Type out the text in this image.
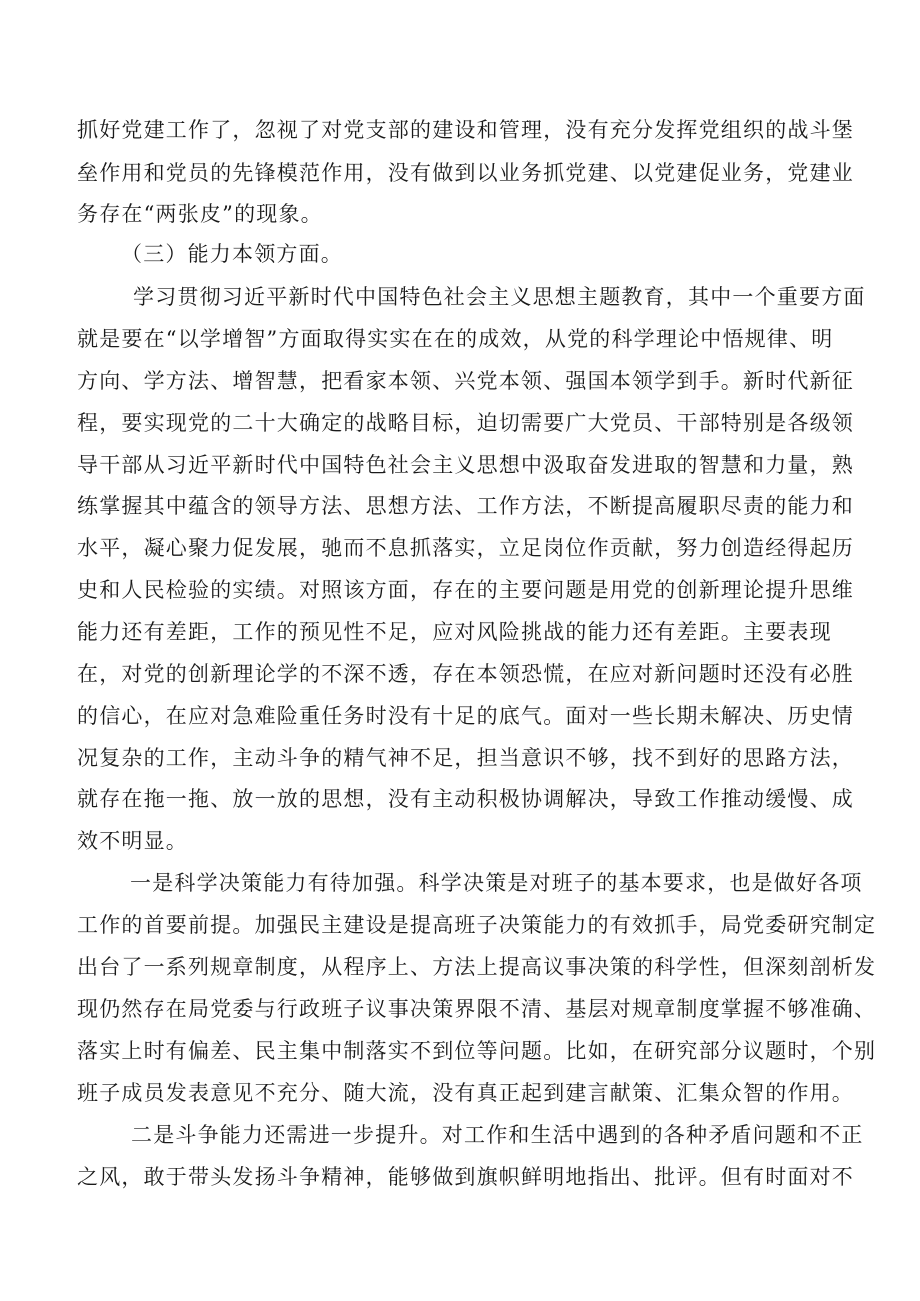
抓好党建工作了，忽视了对党支部的建设和管理，没有充分发挥党组织的战斗堡
垒作用和党员的先锋模范作用，没有做到以业务抓党建、以党建促业务，党建业
务存在“两张皮”的现象。
（三）能力本领方面。
学习贯彻习近平新时代中国特色社会主义思想主题教育，其中一个重要方面
就是要在“以学增智”方面取得实实在在的成效，从党的科学理论中悟规律、明
方向、学方法、增智慧，把看家本领、兴党本领、强国本领学到手。新时代新征
程，要实现党的二十大确定的战略目标，迫切需要广大党员、干部特别是各级领
导干部从习近平新时代中国特色社会主义思想中汲取奋发进取的智慧和力量，熟
练掌握其中蕴含的领导方法、思想方法、工作方法，不断提高履职尽责的能力和
水平，凝心聚力促发展，驰而不息抓落实，立足岗位作贡献，努力创造经得起历
史和人民检验的实绩。对照该方面，存在的主要问题是用党的创新理论提升思维
能力还有差距，工作的预见性不足，应对风险挑战的能力还有差距。主要表现
在，对党的创新理论学的不深不透，存在本领恐慌，在应对新问题时还没有必胜
的信心，在应对急难险重任务时没有十足的底气。面对一些长期未解决、历史情
况复杂的工作，主动斗争的精气神不足，担当意识不够，找不到好的思路方法，
就存在拖一拖、放一放的思想，没有主动积极协调解决，导致工作推动缓慢、成
效不明显。
一是科学决策能力有待加强。科学决策是对班子的基本要求，也是做好各项
工作的首要前提。加强民主建设是提高班子决策能力的有效抓手，局党委研究制定
出台了一系列规章制度，从程序上、方法上提高议事决策的科学性，但深刻剖析发
现仍然存在局党委与行政班子议事决策界限不清、基层对规章制度掌握不够准确、
落实上时有偏差、民主集中制落实不到位等问题。比如，在研究部分议题时，个别
班子成员发表意见不充分、随大流，没有真正起到建言献策、汇集众智的作用。
二是斗争能力还需进一步提升。对工作和生活中遇到的各种矛盾问题和不正
之风，敢于带头发扬斗争精神，能够做到旗帜鲜明地指出、批评。但有时面对不
